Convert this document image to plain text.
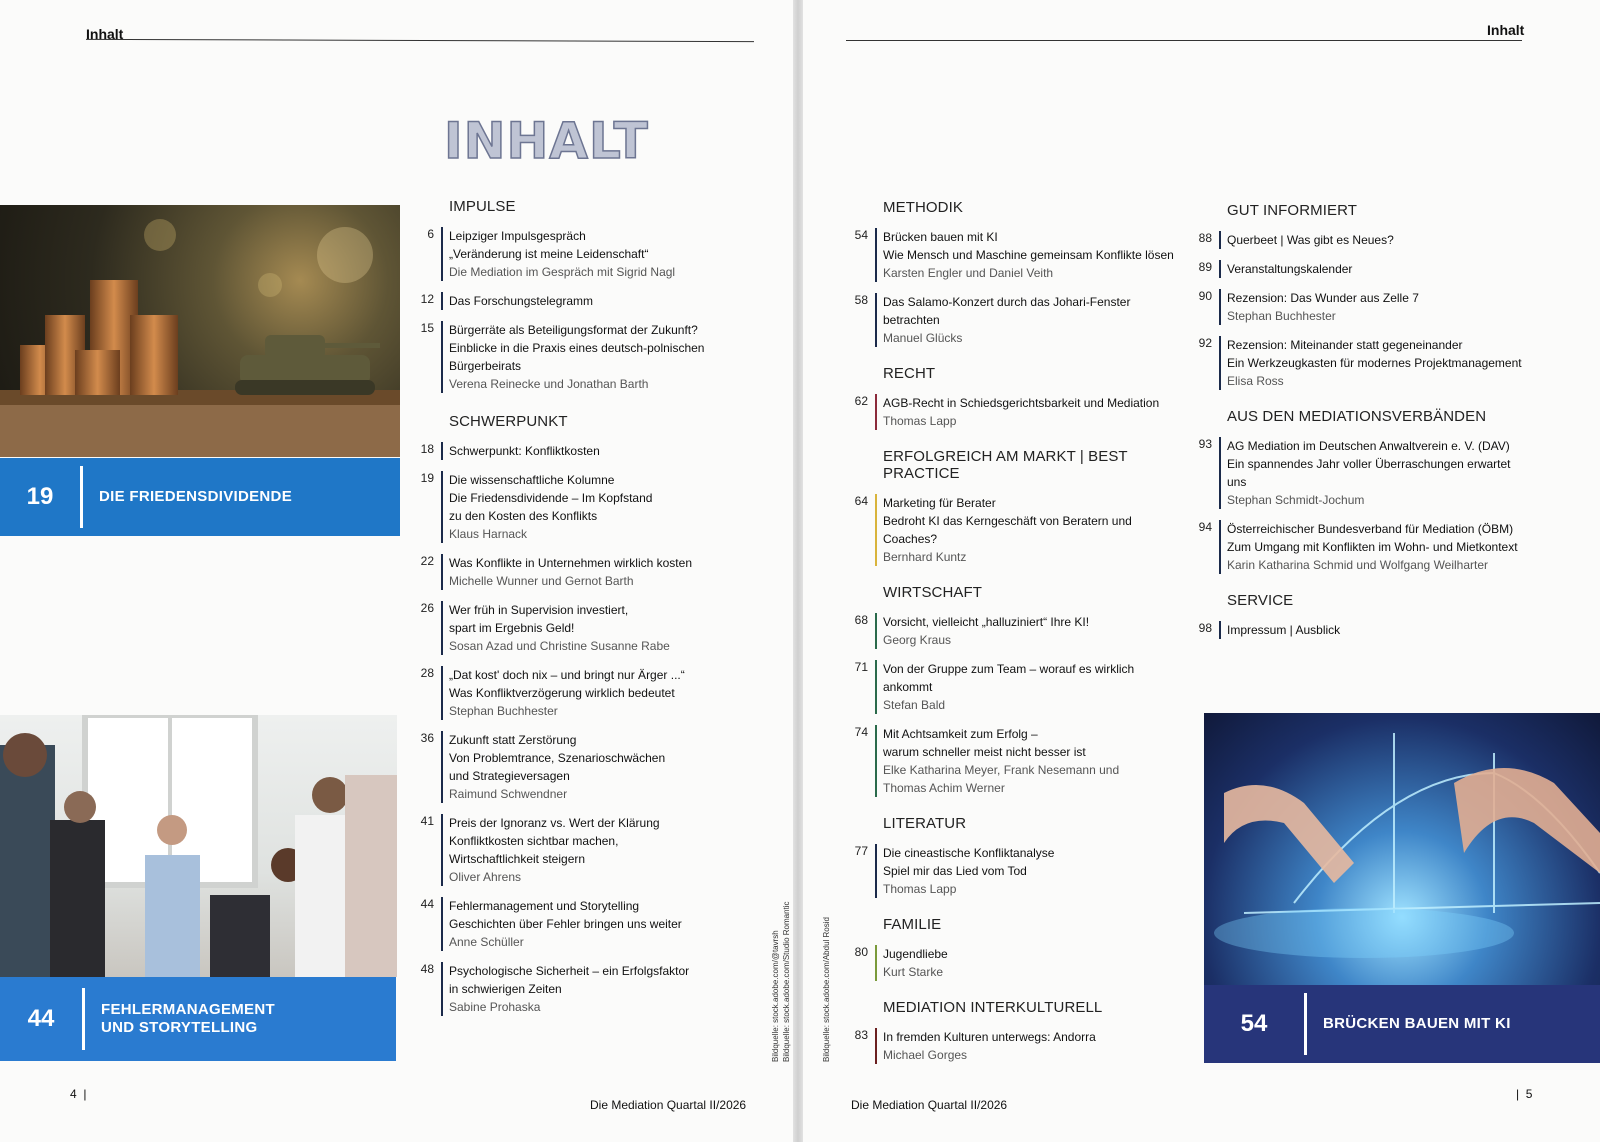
Inhalt	Inhalt
INHALT
19	DIE FRIEDENSDIVIDENDE
44	FEHLERMANAGEMENT
UND STORYTELLING
IMPULSE
6 Leipziger Impulsgespräch
„Veränderung ist meine Leidenschaft“
Die Mediation im Gespräch mit Sigrid Nagl
12 Das Forschungstelegramm
15 Bürgerräte als Beteiligungsformat der Zukunft?
Einblicke in die Praxis eines deutsch-polnischen
Bürgerbeirats
Verena Reinecke und Jonathan Barth
SCHWERPUNKT
18 Schwerpunkt: Konfliktkosten
19 Die wissenschaftliche Kolumne
Die Friedensdividende – Im Kopfstand
zu den Kosten des Konflikts
Klaus Harnack
22 Was Konflikte in Unternehmen wirklich kosten
Michelle Wunner und Gernot Barth
26 Wer früh in Supervision investiert,
spart im Ergebnis Geld!
Sosan Azad und Christine Susanne Rabe
28 „Dat kost' doch nix – und bringt nur Ärger ...“
Was Konfliktverzögerung wirklich bedeutet
Stephan Buchhester
36 Zukunft statt Zerstörung
Von Problemtrance, Szenarioschwächen
und Strategieversagen
Raimund Schwendner
41 Preis der Ignoranz vs. Wert der Klärung
Konfliktkosten sichtbar machen,
Wirtschaftlichkeit steigern
Oliver Ahrens
44 Fehlermanagement und Storytelling
Geschichten über Fehler bringen uns weiter
Anne Schüller
48 Psychologische Sicherheit – ein Erfolgsfaktor
in schwierigen Zeiten
Sabine Prohaska
METHODIK
54 Brücken bauen mit KI
Wie Mensch und Maschine gemeinsam Konflikte lösen
Karsten Engler und Daniel Veith
58 Das Salamo-Konzert durch das Johari-Fenster betrachten
Manuel Glücks
RECHT
62 AGB-Recht in Schiedsgerichtsbarkeit und Mediation
Thomas Lapp
ERFOLGREICH AM MARKT | BEST PRACTICE
64 Marketing für Berater
Bedroht KI das Kerngeschäft von Beratern und Coaches?
Bernhard Kuntz
WIRTSCHAFT
68 Vorsicht, vielleicht „halluziniert“ Ihre KI!
Georg Kraus
71 Von der Gruppe zum Team – worauf es wirklich ankommt
Stefan Bald
74 Mit Achtsamkeit zum Erfolg –
warum schneller meist nicht besser ist
Elke Katharina Meyer, Frank Nesemann und
Thomas Achim Werner
LITERATUR
77 Die cineastische Konfliktanalyse
Spiel mir das Lied vom Tod
Thomas Lapp
FAMILIE
80 Jugendliebe
Kurt Starke
MEDIATION INTERKULTURELL
83 In fremden Kulturen unterwegs: Andorra
Michael Gorges
GUT INFORMIERT
88 Querbeet | Was gibt es Neues?
89 Veranstaltungskalender
90 Rezension: Das Wunder aus Zelle 7
Stephan Buchhester
92 Rezension: Miteinander statt gegeneinander
Ein Werkzeugkasten für modernes Projektmanagement
Elisa Ross
AUS DEN MEDIATIONSVERBÄNDEN
93 AG Mediation im Deutschen Anwaltverein e. V. (DAV)
Ein spannendes Jahr voller Überraschungen erwartet uns
Stephan Schmidt-Jochum
94 Österreichischer Bundesverband für Mediation (ÖBM)
Zum Umgang mit Konflikten im Wohn- und Mietkontext
Karin Katharina Schmid und Wolfgang Weilharter
SERVICE
98 Impressum | Ausblick
54	BRÜCKEN BAUEN MIT KI
Bildquelle: stock.adobe.com/@tavrsh Bildquelle: stock.adobe.com/Studio Romantic	Bildquelle: stock.adobe.com/Abdul Rosid
4  |
Die Mediation Quartal II/2026	Die Mediation Quartal II/2026
|  5
